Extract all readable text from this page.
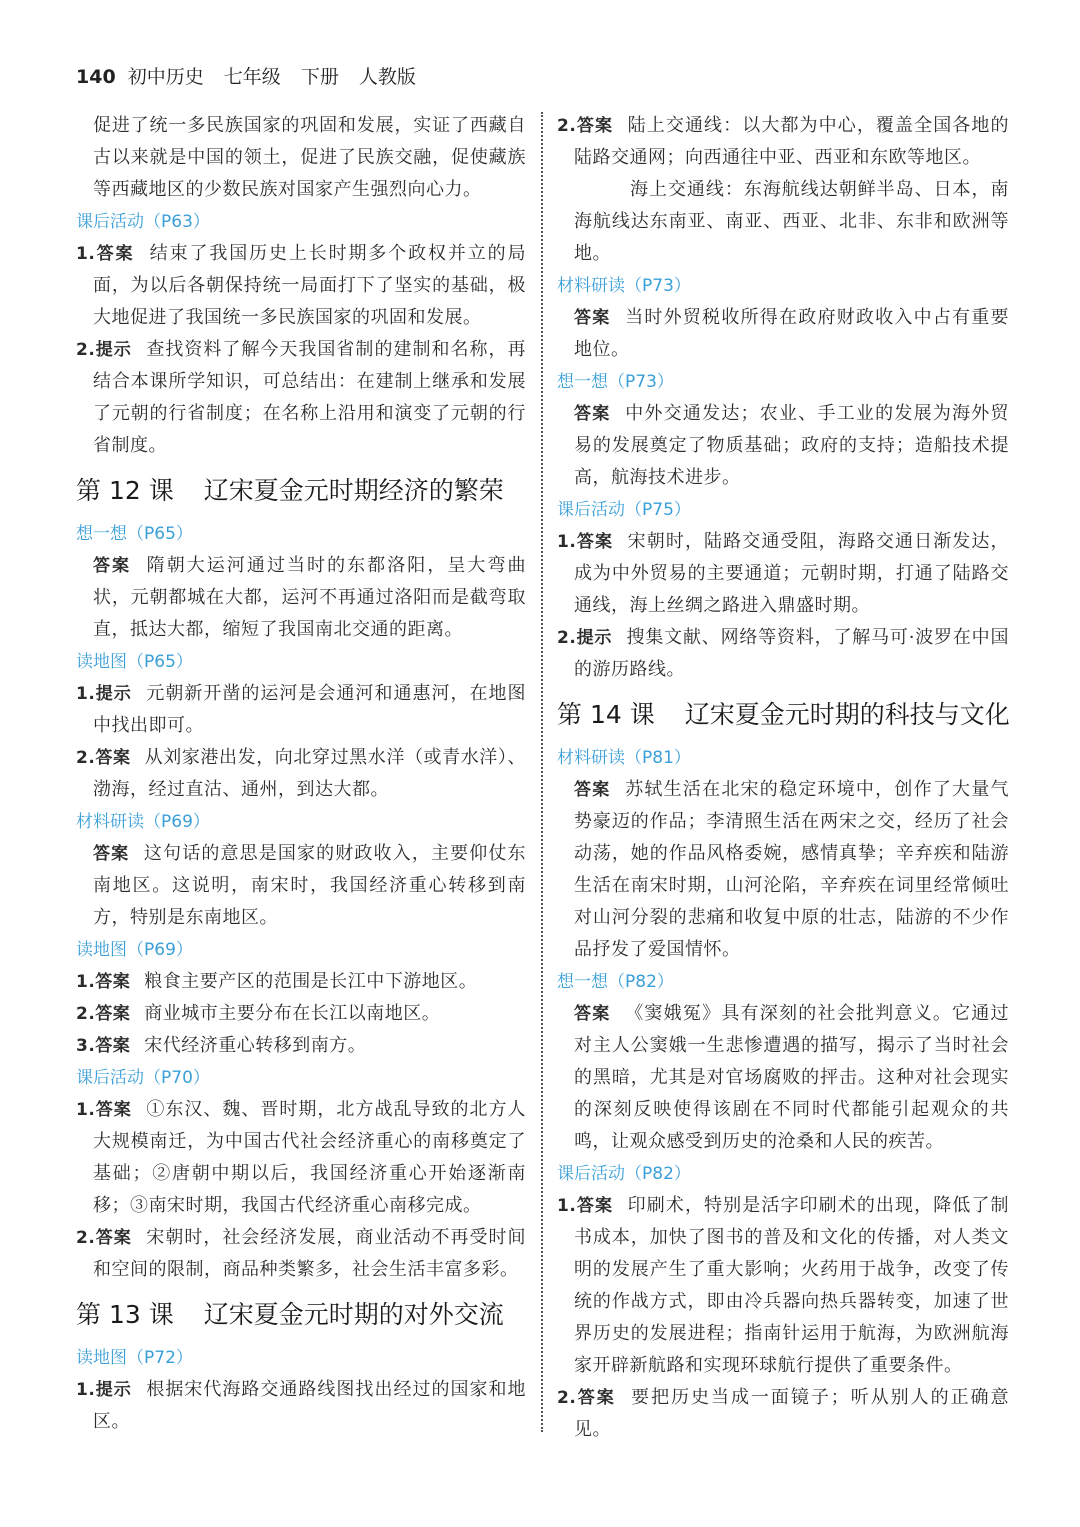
140 初中历史 七年级 下册 人教版
促进了统一多民族国家的巩固和发展，实证了西藏自古以来就是中国的领土，促进了民族交融，促使藏族等西藏地区的少数民族对国家产生强烈向心力。
课后活动（P63）
1.答案 结束了我国历史上长时期多个政权并立的局面，为以后各朝保持统一局面打下了坚实的基础，极大地促进了我国统一多民族国家的巩固和发展。
2.提示 查找资料了解今天我国省制的建制和名称，再结合本课所学知识，可总结出：在建制上继承和发展了元朝的行省制度；在名称上沿用和演变了元朝的行省制度。
第 12 课 辽宋夏金元时期经济的繁荣
想一想（P65）
答案 隋朝大运河通过当时的东都洛阳，呈大弯曲状，元朝都城在大都，运河不再通过洛阳而是截弯取直，抵达大都，缩短了我国南北交通的距离。
读地图（P65）
1.提示 元朝新开凿的运河是会通河和通惠河，在地图中找出即可。
2.答案 从刘家港出发，向北穿过黑水洋（或青水洋）、渤海，经过直沽、通州，到达大都。
材料研读（P69）
答案 这句话的意思是国家的财政收入，主要仰仗东南地区。这说明，南宋时，我国经济重心转移到南方，特别是东南地区。
读地图（P69）
1.答案 粮食主要产区的范围是长江中下游地区。
2.答案 商业城市主要分布在长江以南地区。
3.答案 宋代经济重心转移到南方。
课后活动（P70）
1.答案 ①东汉、魏、晋时期，北方战乱导致的北方人大规模南迁，为中国古代社会经济重心的南移奠定了基础；②唐朝中期以后，我国经济重心开始逐渐南移；③南宋时期，我国古代经济重心南移完成。
2.答案 宋朝时，社会经济发展，商业活动不再受时间和空间的限制，商品种类繁多，社会生活丰富多彩。
第 13 课 辽宋夏金元时期的对外交流
读地图（P72）
1.提示 根据宋代海路交通路线图找出经过的国家和地区。
2.答案 陆上交通线：以大都为中心，覆盖全国各地的陆路交通网；向西通往中亚、西亚和东欧等地区。
海上交通线：东海航线达朝鲜半岛、日本，南海航线达东南亚、南亚、西亚、北非、东非和欧洲等地。
材料研读（P73）
答案 当时外贸税收所得在政府财政收入中占有重要地位。
想一想（P73）
答案 中外交通发达；农业、手工业的发展为海外贸易的发展奠定了物质基础；政府的支持；造船技术提高，航海技术进步。
课后活动（P75）
1.答案 宋朝时，陆路交通受阻，海路交通日渐发达，成为中外贸易的主要通道；元朝时期，打通了陆路交通线，海上丝绸之路进入鼎盛时期。
2.提示 搜集文献、网络等资料，了解马可·波罗在中国的游历路线。
第 14 课 辽宋夏金元时期的科技与文化
材料研读（P81）
答案 苏轼生活在北宋的稳定环境中，创作了大量气势豪迈的作品；李清照生活在两宋之交，经历了社会动荡，她的作品风格委婉，感情真挚；辛弃疾和陆游生活在南宋时期，山河沦陷，辛弃疾在词里经常倾吐对山河分裂的悲痛和收复中原的壮志，陆游的不少作品抒发了爱国情怀。
想一想（P82）
答案 《窦娥冤》具有深刻的社会批判意义。它通过对主人公窦娥一生悲惨遭遇的描写，揭示了当时社会的黑暗，尤其是对官场腐败的抨击。这种对社会现实的深刻反映使得该剧在不同时代都能引起观众的共鸣，让观众感受到历史的沧桑和人民的疾苦。
课后活动（P82）
1.答案 印刷术，特别是活字印刷术的出现，降低了制书成本，加快了图书的普及和文化的传播，对人类文明的发展产生了重大影响；火药用于战争，改变了传统的作战方式，即由冷兵器向热兵器转变，加速了世界历史的发展进程；指南针运用于航海，为欧洲航海家开辟新航路和实现环球航行提供了重要条件。
2.答案 要把历史当成一面镜子；听从别人的正确意见。
